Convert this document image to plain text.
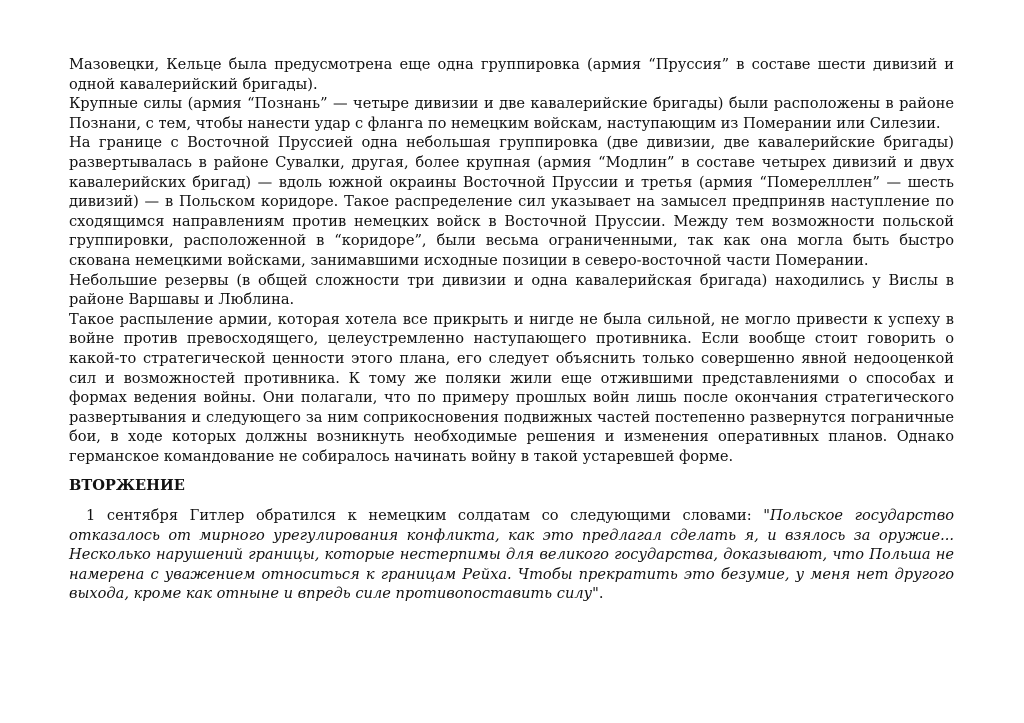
Мазовецки, Кельце была предусмотрена еще одна группировка (армия “Пруссия” в составе шести дивизий и одной кавалерийский бригады).

Крупные силы (армия “Познань” — четыре дивизии и две кавалерийские бригады) были расположены в районе Познани, с тем, чтобы нанести удар с фланга по немецким войскам, наступающим из Померании или Силезии.

На границе с Восточной Пруссией одна небольшая группировка (две дивизии, две кавалерийские бригады) развертывалась в районе Сувалки, другая, более крупная (армия “Модлин” в составе четырех дивизий и двух кавалерийских бригад) — вдоль южной окраины Восточной Пруссии и третья (армия “Померелллен” — шесть дивизий) — в Польском коридоре. Такое распределение сил указывает на замысел предприняв наступление по сходящимся направлениям против немецких войск в Восточной Пруссии. Между тем возможности польской группировки, расположенной в “коридоре”, были весьма ограниченными, так как она могла быть быстро скована немецкими войсками, занимавшими исходные позиции в северо-восточной части Померании.

Небольшие резервы (в общей сложности три дивизии и одна кавалерийская бригада) находились у Вислы в районе Варшавы и Люблина.

Такое распыление армии, которая хотела все прикрыть и нигде не была сильной, не могло привести к успеху в войне против превосходящего, целеустремленно наступающего противника. Если вообще стоит говорить о какой-то стратегической ценности этого плана, его следует объяснить только совершенно явной недооценкой сил и возможностей противника. К тому же поляки жили еще отжившими представлениями о способах и формах ведения войны. Они полагали, что по примеру прошлых войн лишь после окончания стратегического развертывания и следующего за ним соприкосновения подвижных частей постепенно развернутся пограничные бои, в ходе которых должны возникнуть необходимые решения и изменения оперативных планов. Однако германское командование не собиралось начинать войну в такой устаревшей форме.

ВТОРЖЕНИЕ

1 сентября Гитлер обратился к немецким солдатам со следующими словами: "Польское государство отказалось от мирного урегулирования конфликта, как это предлагал сделать я, и взялось за оружие... Несколько нарушений границы, которые нестерпимы для великого государства, доказывают, что Польша не намерена с уважением относиться к границам Рейха. Чтобы прекратить это безумие, у меня нет другого выхода, кроме как отныне и впредь силе противопоставить силу".
